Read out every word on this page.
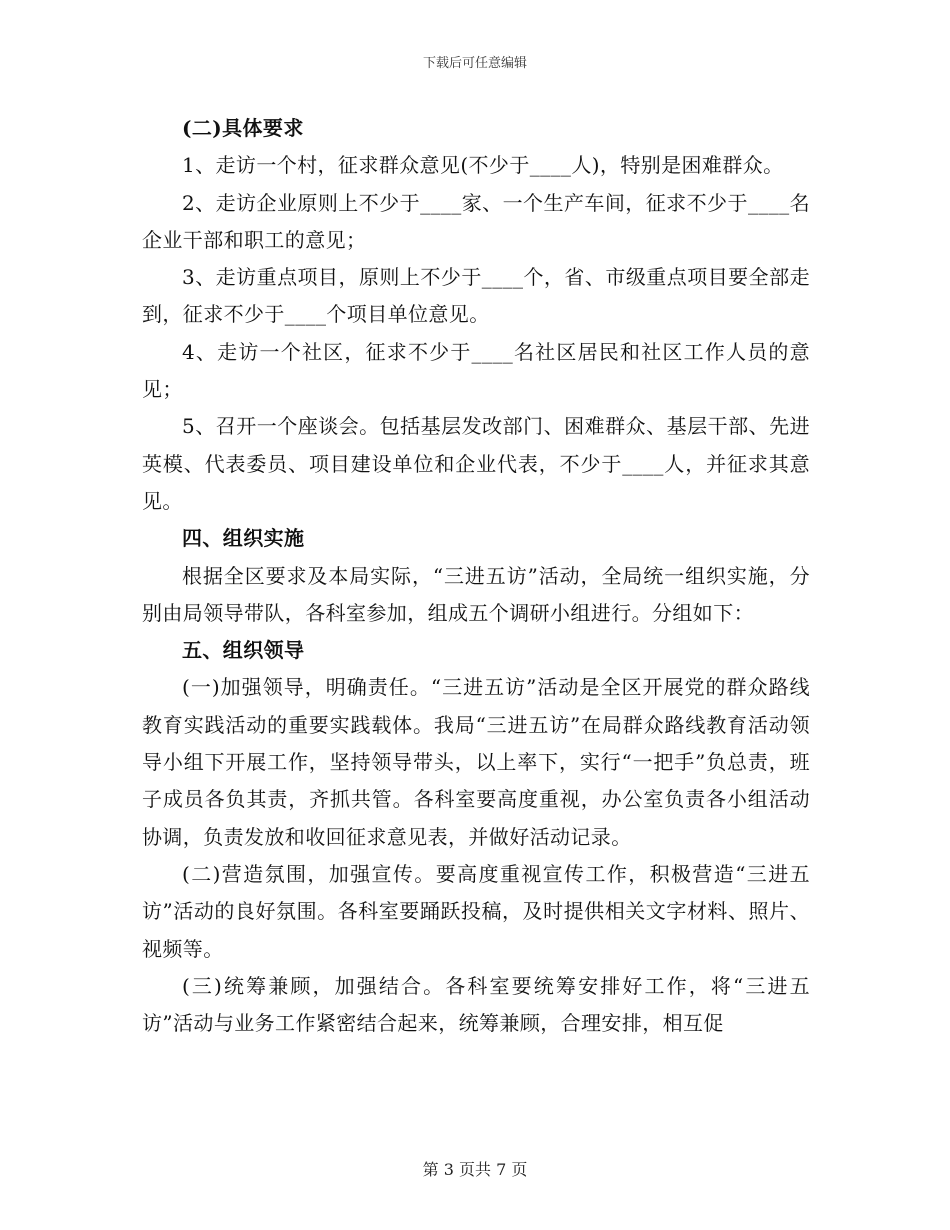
下载后可任意编辑

(二)具体要求

1、走访一个村，征求群众意见(不少于____人)，特别是困难群众。

2、走访企业原则上不少于____家、一个生产车间，征求不少于____名企业干部和职工的意见；

3、走访重点项目，原则上不少于____个，省、市级重点项目要全部走到，征求不少于____个项目单位意见。

4、走访一个社区，征求不少于____名社区居民和社区工作人员的意见；

5、召开一个座谈会。包括基层发改部门、困难群众、基层干部、先进英模、代表委员、项目建设单位和企业代表，不少于____人，并征求其意见。

四、组织实施

根据全区要求及本局实际，“三进五访”活动，全局统一组织实施，分别由局领导带队，各科室参加，组成五个调研小组进行。分组如下：

五、组织领导

(一)加强领导，明确责任。“三进五访”活动是全区开展党的群众路线教育实践活动的重要实践载体。我局“三进五访”在局群众路线教育活动领导小组下开展工作，坚持领导带头，以上率下，实行“一把手”负总责，班子成员各负其责，齐抓共管。各科室要高度重视，办公室负责各小组活动协调，负责发放和收回征求意见表，并做好活动记录。

(二)营造氛围，加强宣传。要高度重视宣传工作，积极营造“三进五访”活动的良好氛围。各科室要踊跃投稿，及时提供相关文字材料、照片、视频等。

(三)统筹兼顾，加强结合。各科室要统筹安排好工作，将“三进五访”活动与业务工作紧密结合起来，统筹兼顾，合理安排，相互促

第 3 页共 7 页
